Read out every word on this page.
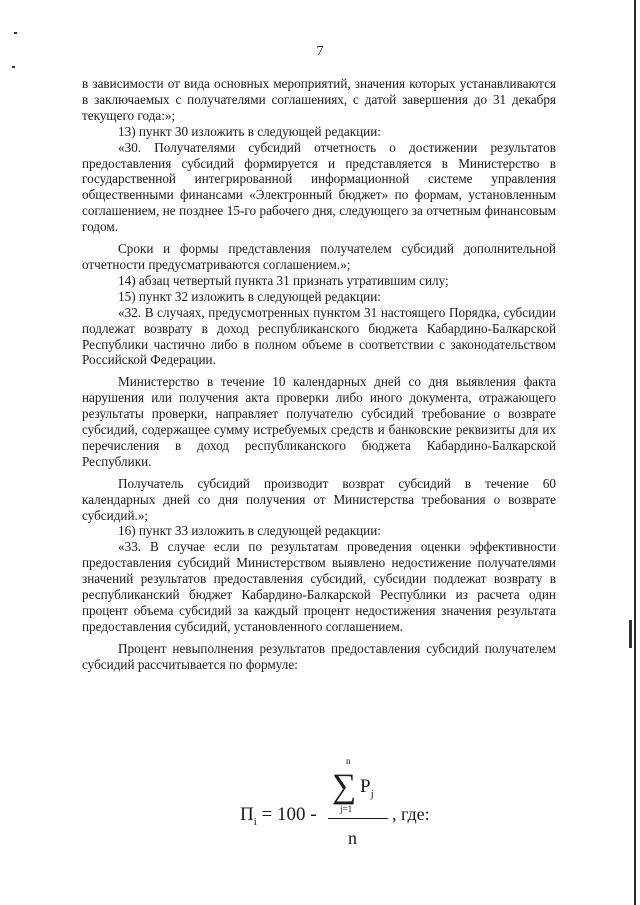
7

в зависимости от вида основных мероприятий, значения которых устанавливаются в заключаемых с получателями соглашениях, с датой завершения до 31 декабря текущего года:»;

13) пункт 30 изложить в следующей редакции:

«30. Получателями субсидий отчетность о достижении результатов предоставления субсидий формируется и представляется в Министерство в государственной интегрированной информационной системе управления общественными финансами «Электронный бюджет» по формам, установленным соглашением, не позднее 15-го рабочего дня, следующего за отчетным финансовым годом.

Сроки и формы представления получателем субсидий дополнительной отчетности предусматриваются соглашением.»;

14) абзац четвертый пункта 31 признать утратившим силу;

15) пункт 32 изложить в следующей редакции:

«32. В случаях, предусмотренных пунктом 31 настоящего Порядка, субсидии подлежат возврату в доход республиканского бюджета Кабардино-Балкарской Республики частично либо в полном объеме в соответствии с законодательством Российской Федерации.

Министерство в течение 10 календарных дней со дня выявления факта нарушения или получения акта проверки либо иного документа, отражающего результаты проверки, направляет получателю субсидий требование о возврате субсидий, содержащее сумму истребуемых средств и банковские реквизиты для их перечисления в доход республиканского бюджета Кабардино-Балкарской Республики.

Получатель субсидий производит возврат субсидий в течение 60 календарных дней со дня получения от Министерства требования о возврате субсидий.»;

16) пункт 33 изложить в следующей редакции:

«33. В случае если по результатам проведения оценки эффективности предоставления субсидий Министерством выявлено недостижение получателями значений результатов предоставления субсидий, субсидии подлежат возврату в республиканский бюджет Кабардино-Балкарской Республики из расчета один процент объема субсидий за каждый процент недостижения значения результата предоставления субсидий, установленного соглашением.

Процент невыполнения результатов предоставления субсидий получателем субсидий рассчитывается по формуле:

$П_i = 100$ -
n
∑
j=1
$P_j$
n
, где:
